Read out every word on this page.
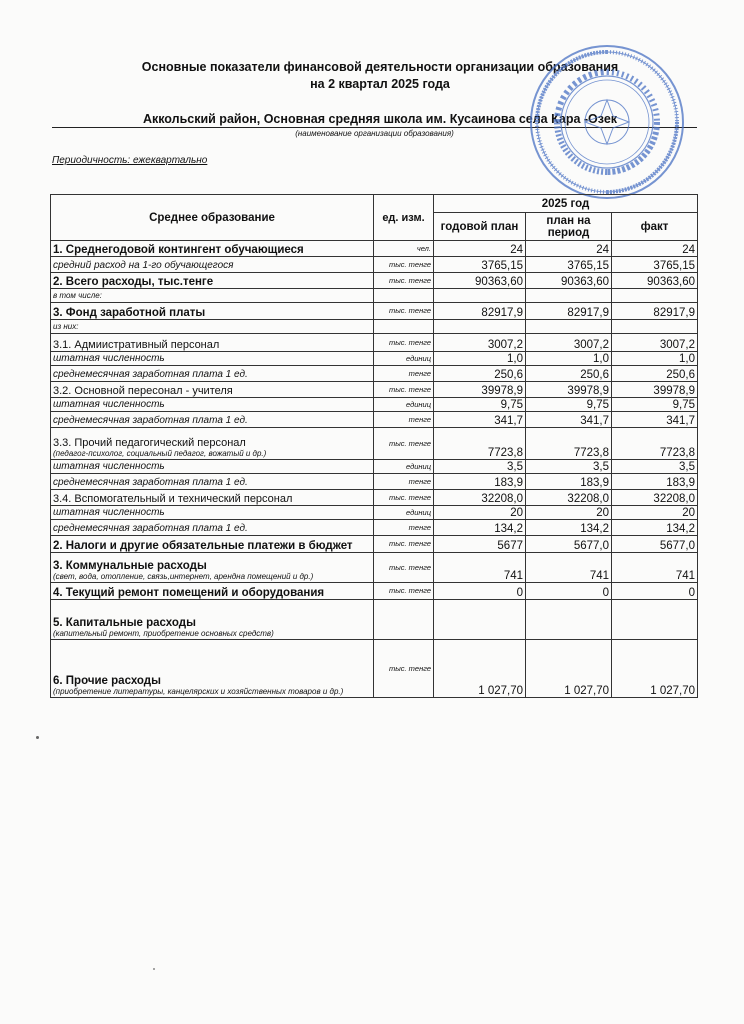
Основные показатели финансовой деятельности организации образования
на 2 квартал 2025 года
Аккольский район, Основная средняя школа им. Кусаинова села Кара -Озек
(наименование организации образования)
Периодичность: ежеквартально
Среднее образование	ед. изм.	2025 год		
		годовой план	план на период	факт
1. Среднегодовой контингент обучающиеся	чел.	24	24	24
средний расход на 1-го обучающегося	тыс. тенге	3765,15	3765,15	3765,15
2. Всего расходы, тыс.тенге	тыс. тенге	90363,60	90363,60	90363,60
в том числе:				
3. Фонд заработной платы	тыс. тенге	82917,9	82917,9	82917,9
из них:				
3.1. Адмиистративный персонал	тыс. тенге	3007,2	3007,2	3007,2
штатная численность	единиц	1,0	1,0	1,0
среднемесячная заработная плата 1 ед.	тенге	250,6	250,6	250,6
3.2. Основной пересонал - учителя	тыс. тенге	39978,9	39978,9	39978,9
штатная численность	единиц	9,75	9,75	9,75
среднемесячная заработная плата 1 ед.	тенге	341,7	341,7	341,7

3.3. Прочий педагогический персонал
(педагог-психолог, социальный педагог, вожатый и др.)	тыс. тенге	7723,8	7723,8	7723,8
штатная численность	единиц	3,5	3,5	3,5
среднемесячная заработная плата 1 ед.	тенге	183,9	183,9	183,9
3.4. Вспомогательный и технический персонал	тыс. тенге	32208,0	32208,0	32208,0
штатная численность	единиц	20	20	20
среднемесячная заработная плата 1 ед.	тенге	134,2	134,2	134,2
2. Налоги и другие обязательные платежи в бюджет	тыс. тенге	5677	5677,0	5677,0

3. Коммунальные расходы
(свет, вода, отопление, связь,интернет, арендна помещений и др.)	тыс. тенге	741	741	741
4. Текущий ремонт помещений и оборудования	тыс. тенге	0	0	0

5. Капитальные расходы
(капительный ремонт, приобретение основных средств)				

6. Прочие расходы
(приобретение литературы, канцелярских и хозяйственных товаров и др.)	тыс. тенге	1 027,70	1 027,70	1 027,70
